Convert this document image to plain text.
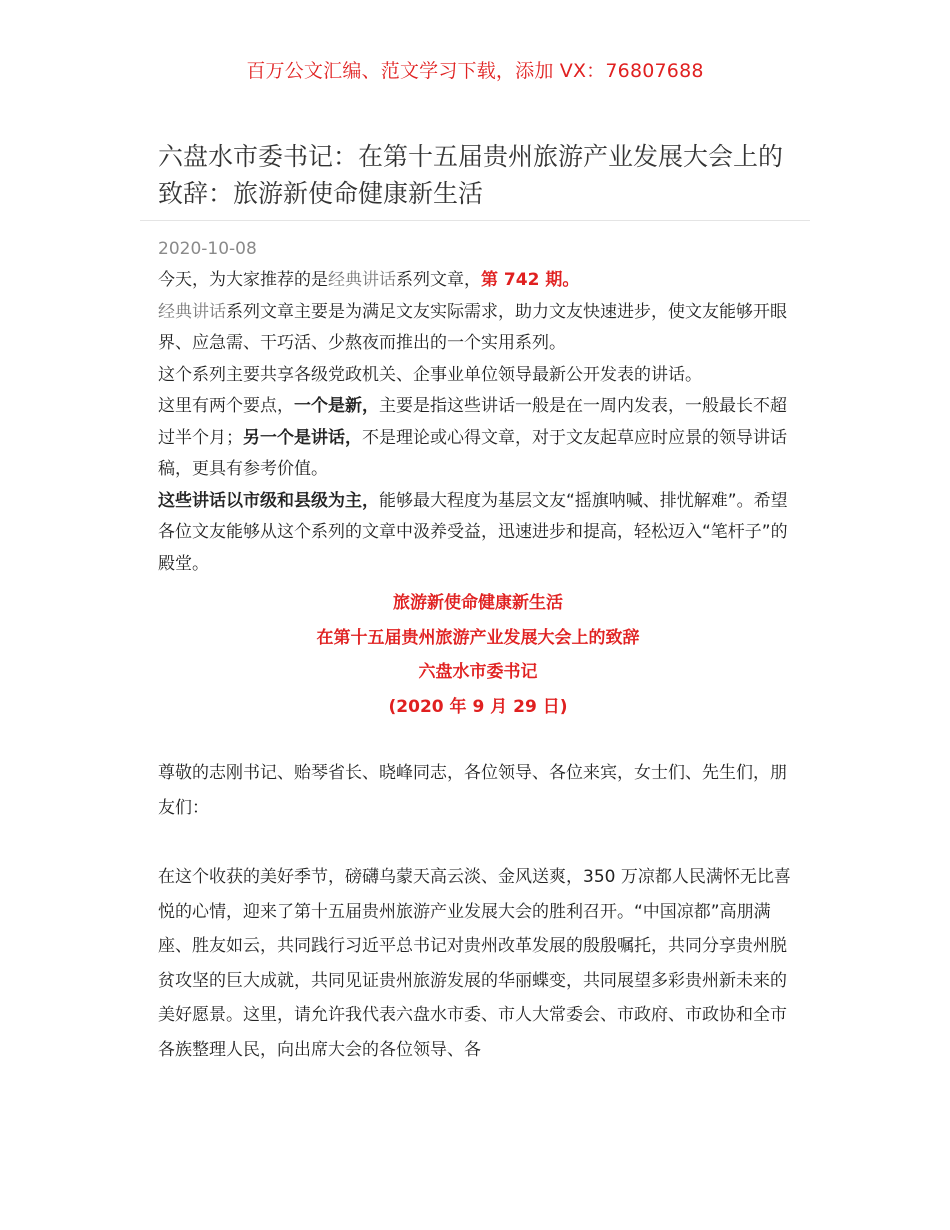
百万公文汇编、范文学习下载，添加 VX：76807688
六盘水市委书记：在第十五届贵州旅游产业发展大会上的致辞：旅游新使命健康新生活
2020-10-08

今天，为大家推荐的是经典讲话系列文章，第 742 期。

经典讲话系列文章主要是为满足文友实际需求，助力文友快速进步，使文友能够开眼界、应急需、干巧活、少熬夜而推出的一个实用系列。

这个系列主要共享各级党政机关、企事业单位领导最新公开发表的讲话。

这里有两个要点，一个是新，主要是指这些讲话一般是在一周内发表，一般最长不超过半个月；另一个是讲话，不是理论或心得文章，对于文友起草应时应景的领导讲话稿，更具有参考价值。

这些讲话以市级和县级为主，能够最大程度为基层文友“摇旗呐喊、排忧解难”。希望各位文友能够从这个系列的文章中汲养受益，迅速进步和提高，轻松迈入“笔杆子”的殿堂。

旅游新使命健康新生活
在第十五届贵州旅游产业发展大会上的致辞
六盘水市委书记
(2020 年 9 月 29 日)

尊敬的志刚书记、贻琴省长、晓峰同志，各位领导、各位来宾，女士们、先生们，朋友们：

在这个收获的美好季节，磅礴乌蒙天高云淡、金风送爽，350 万凉都人民满怀无比喜悦的心情，迎来了第十五届贵州旅游产业发展大会的胜利召开。“中国凉都”高朋满座、胜友如云，共同践行习近平总书记对贵州改革发展的殷殷嘱托，共同分享贵州脱贫攻坚的巨大成就，共同见证贵州旅游发展的华丽蝶变，共同展望多彩贵州新未来的美好愿景。这里，请允许我代表六盘水市委、市人大常委会、市政府、市政协和全市各族整理人民，向出席大会的各位领导、各
